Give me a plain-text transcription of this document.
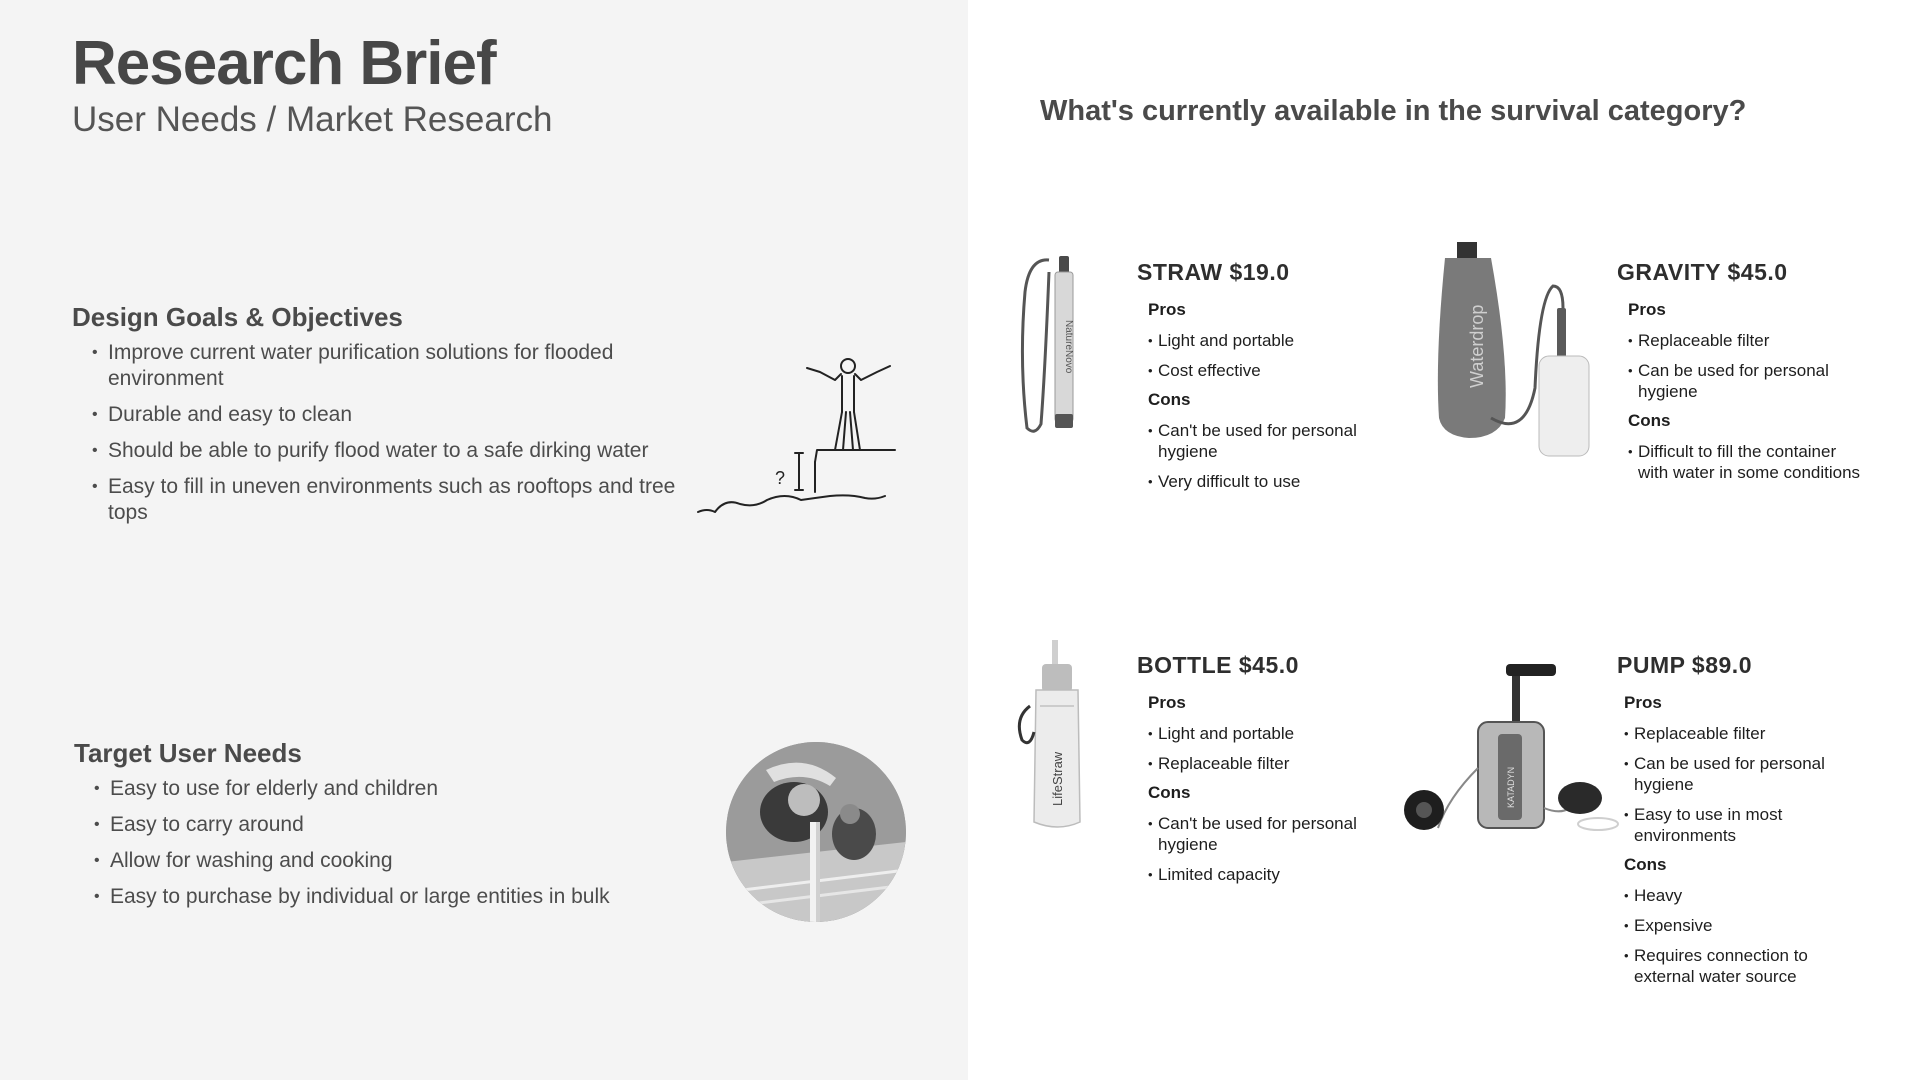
Research Brief
User Needs / Market Research
Design Goals & Objectives
• Improve current water purification solutions for flooded environment
• Durable and easy to clean
• Should be able to purify flood water to a safe dirking water
• Easy to fill in uneven environments such as rooftops and tree tops
?
Target User Needs
• Easy to use for elderly and children
• Easy to carry around
• Allow for washing and cooking
• Easy to purchase by individual or large entities in bulk
What's currently available in the survival category?
NatureNovo
STRAW $19.0
Pros
• Light and portable
• Cost effective
Cons
• Can't be used for personal hygiene
• Very difficult to use
Waterdrop
GRAVITY $45.0
Pros
• Replaceable filter
• Can be used for personal hygiene
Cons
• Difficult to fill the container with water in some conditions
LifeStraw
BOTTLE $45.0
Pros
• Light and portable
• Replaceable filter
Cons
• Can't be used for personal hygiene
• Limited capacity
KATADYN
PUMP $89.0
Pros
• Replaceable filter
• Can be used for personal hygiene
• Easy to use in most environments
Cons
• Heavy
• Expensive
• Requires connection to external water source
